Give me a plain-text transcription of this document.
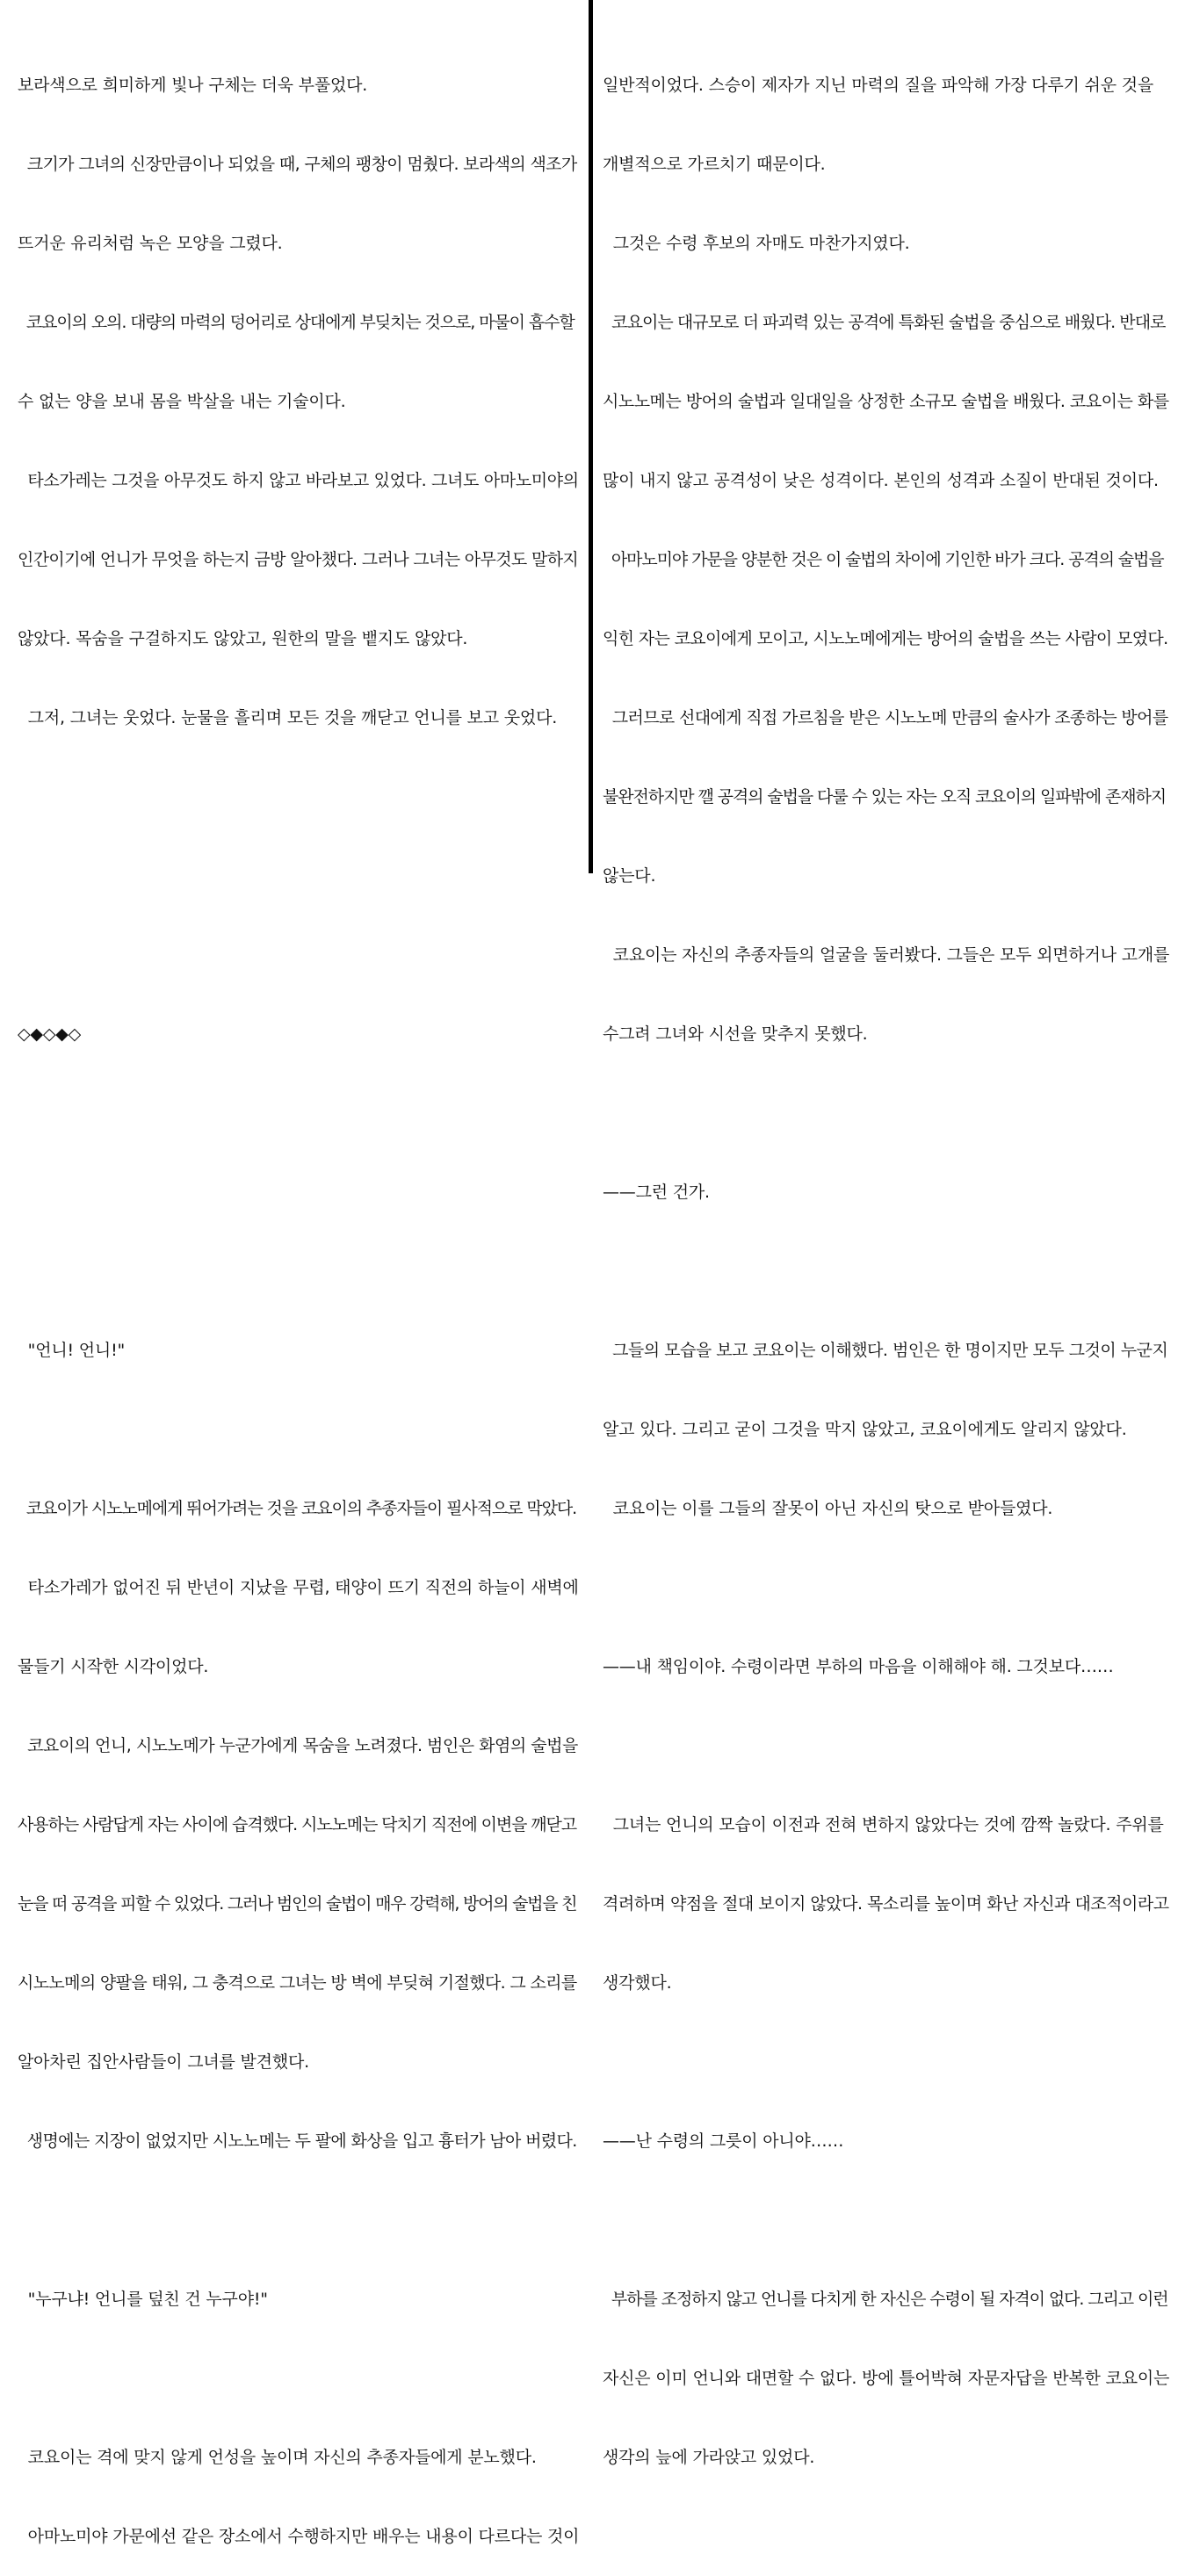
보라색으로 희미하게 빛나 구체는 더욱 부풀었다.

크기가 그녀의 신장만큼이나 되었을 때, 구체의 팽창이 멈췄다. 보라색의 색조가

뜨거운 유리처럼 녹은 모양을 그렸다.

코요이의 오의. 대량의 마력의 덩어리로 상대에게 부딪치는 것으로, 마물이 흡수할

수 없는 양을 보내 몸을 박살을 내는 기술이다.

타소가레는 그것을 아무것도 하지 않고 바라보고 있었다. 그녀도 아마노미야의

인간이기에 언니가 무엇을 하는지 금방 알아챘다. 그러나 그녀는 아무것도 말하지

않았다. 목숨을 구걸하지도 않았고, 원한의 말을 뱉지도 않았다.

그저, 그녀는 웃었다. 눈물을 흘리며 모든 것을 깨닫고 언니를 보고 웃었다.

◇◆◇◆◇

"언니! 언니!"

코요이가 시노노메에게 뛰어가려는 것을 코요이의 추종자들이 필사적으로 막았다.

타소가레가 없어진 뒤 반년이 지났을 무렵, 태양이 뜨기 직전의 하늘이 새벽에

물들기 시작한 시각이었다.

코요이의 언니, 시노노메가 누군가에게 목숨을 노려졌다. 범인은 화염의 술법을

사용하는 사람답게 자는 사이에 습격했다. 시노노메는 닥치기 직전에 이변을 깨닫고

눈을 떠 공격을 피할 수 있었다. 그러나 범인의 술법이 매우 강력해, 방어의 술법을 친

시노노메의 양팔을 태워, 그 충격으로 그녀는 방 벽에 부딪혀 기절했다. 그 소리를

알아차린 집안사람들이 그녀를 발견했다.

생명에는 지장이 없었지만 시노노메는 두 팔에 화상을 입고 흉터가 남아 버렸다.

"누구냐! 언니를 덮친 건 누구야!"

코요이는 격에 맞지 않게 언성을 높이며 자신의 추종자들에게 분노했다.

아마노미야 가문에선 같은 장소에서 수행하지만 배우는 내용이 다르다는 것이

일반적이었다. 스승이 제자가 지닌 마력의 질을 파악해 가장 다루기 쉬운 것을

개별적으로 가르치기 때문이다.

그것은 수령 후보의 자매도 마찬가지였다.

코요이는 대규모로 더 파괴력 있는 공격에 특화된 술법을 중심으로 배웠다. 반대로

시노노메는 방어의 술법과 일대일을 상정한 소규모 술법을 배웠다. 코요이는 화를

많이 내지 않고 공격성이 낮은 성격이다. 본인의 성격과 소질이 반대된 것이다.

아마노미야 가문을 양분한 것은 이 술법의 차이에 기인한 바가 크다. 공격의 술법을

익힌 자는 코요이에게 모이고, 시노노메에게는 방어의 술법을 쓰는 사람이 모였다.

그러므로 선대에게 직접 가르침을 받은 시노노메 만큼의 술사가 조종하는 방어를

불완전하지만 깰 공격의 술법을 다룰 수 있는 자는 오직 코요이의 일파밖에 존재하지

않는다.

코요이는 자신의 추종자들의 얼굴을 둘러봤다. 그들은 모두 외면하거나 고개를

수그려 그녀와 시선을 맞추지 못했다.

——그런 건가.

그들의 모습을 보고 코요이는 이해했다. 범인은 한 명이지만 모두 그것이 누군지

알고 있다. 그리고 굳이 그것을 막지 않았고, 코요이에게도 알리지 않았다.

코요이는 이를 그들의 잘못이 아닌 자신의 탓으로 받아들였다.

——내 책임이야. 수령이라면 부하의 마음을 이해해야 해. 그것보다……

그녀는 언니의 모습이 이전과 전혀 변하지 않았다는 것에 깜짝 놀랐다. 주위를

격려하며 약점을 절대 보이지 않았다. 목소리를 높이며 화난 자신과 대조적이라고

생각했다.

——난 수령의 그릇이 아니야……

부하를 조정하지 않고 언니를 다치게 한 자신은 수령이 될 자격이 없다. 그리고 이런

자신은 이미 언니와 대면할 수 없다. 방에 틀어박혀 자문자답을 반복한 코요이는

생각의 늪에 가라앉고 있었다.
